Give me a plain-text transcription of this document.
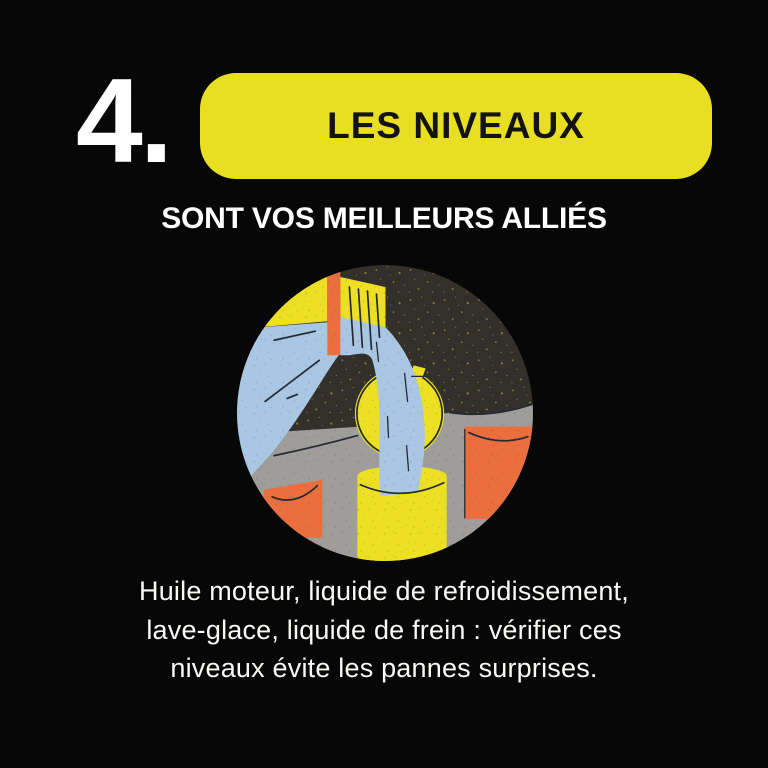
4.	LES NIVEAUX
SONT VOS MEILLEURS ALLIÉS
Huile moteur, liquide de refroidissement,
lave-glace, liquide de frein : vérifier ces
niveaux évite les pannes surprises.
